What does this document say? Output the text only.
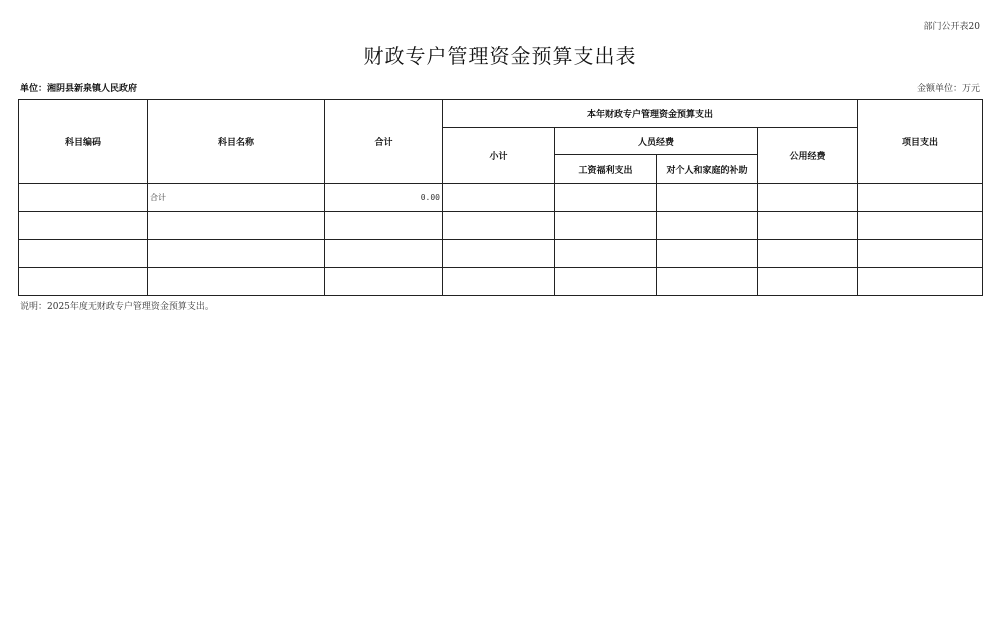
部门公开表20
财政专户管理资金预算支出表
单位：湘阴县新泉镇人民政府	金额单位：万元
科目编码	科目名称	合计	本年财政专户管理资金预算支出				项目支出
			小计	人员经费		公用经费	
				工资福利支出	对个人和家庭的补助		
	合计	0.00					

说明：2025年度无财政专户管理资金预算支出。
